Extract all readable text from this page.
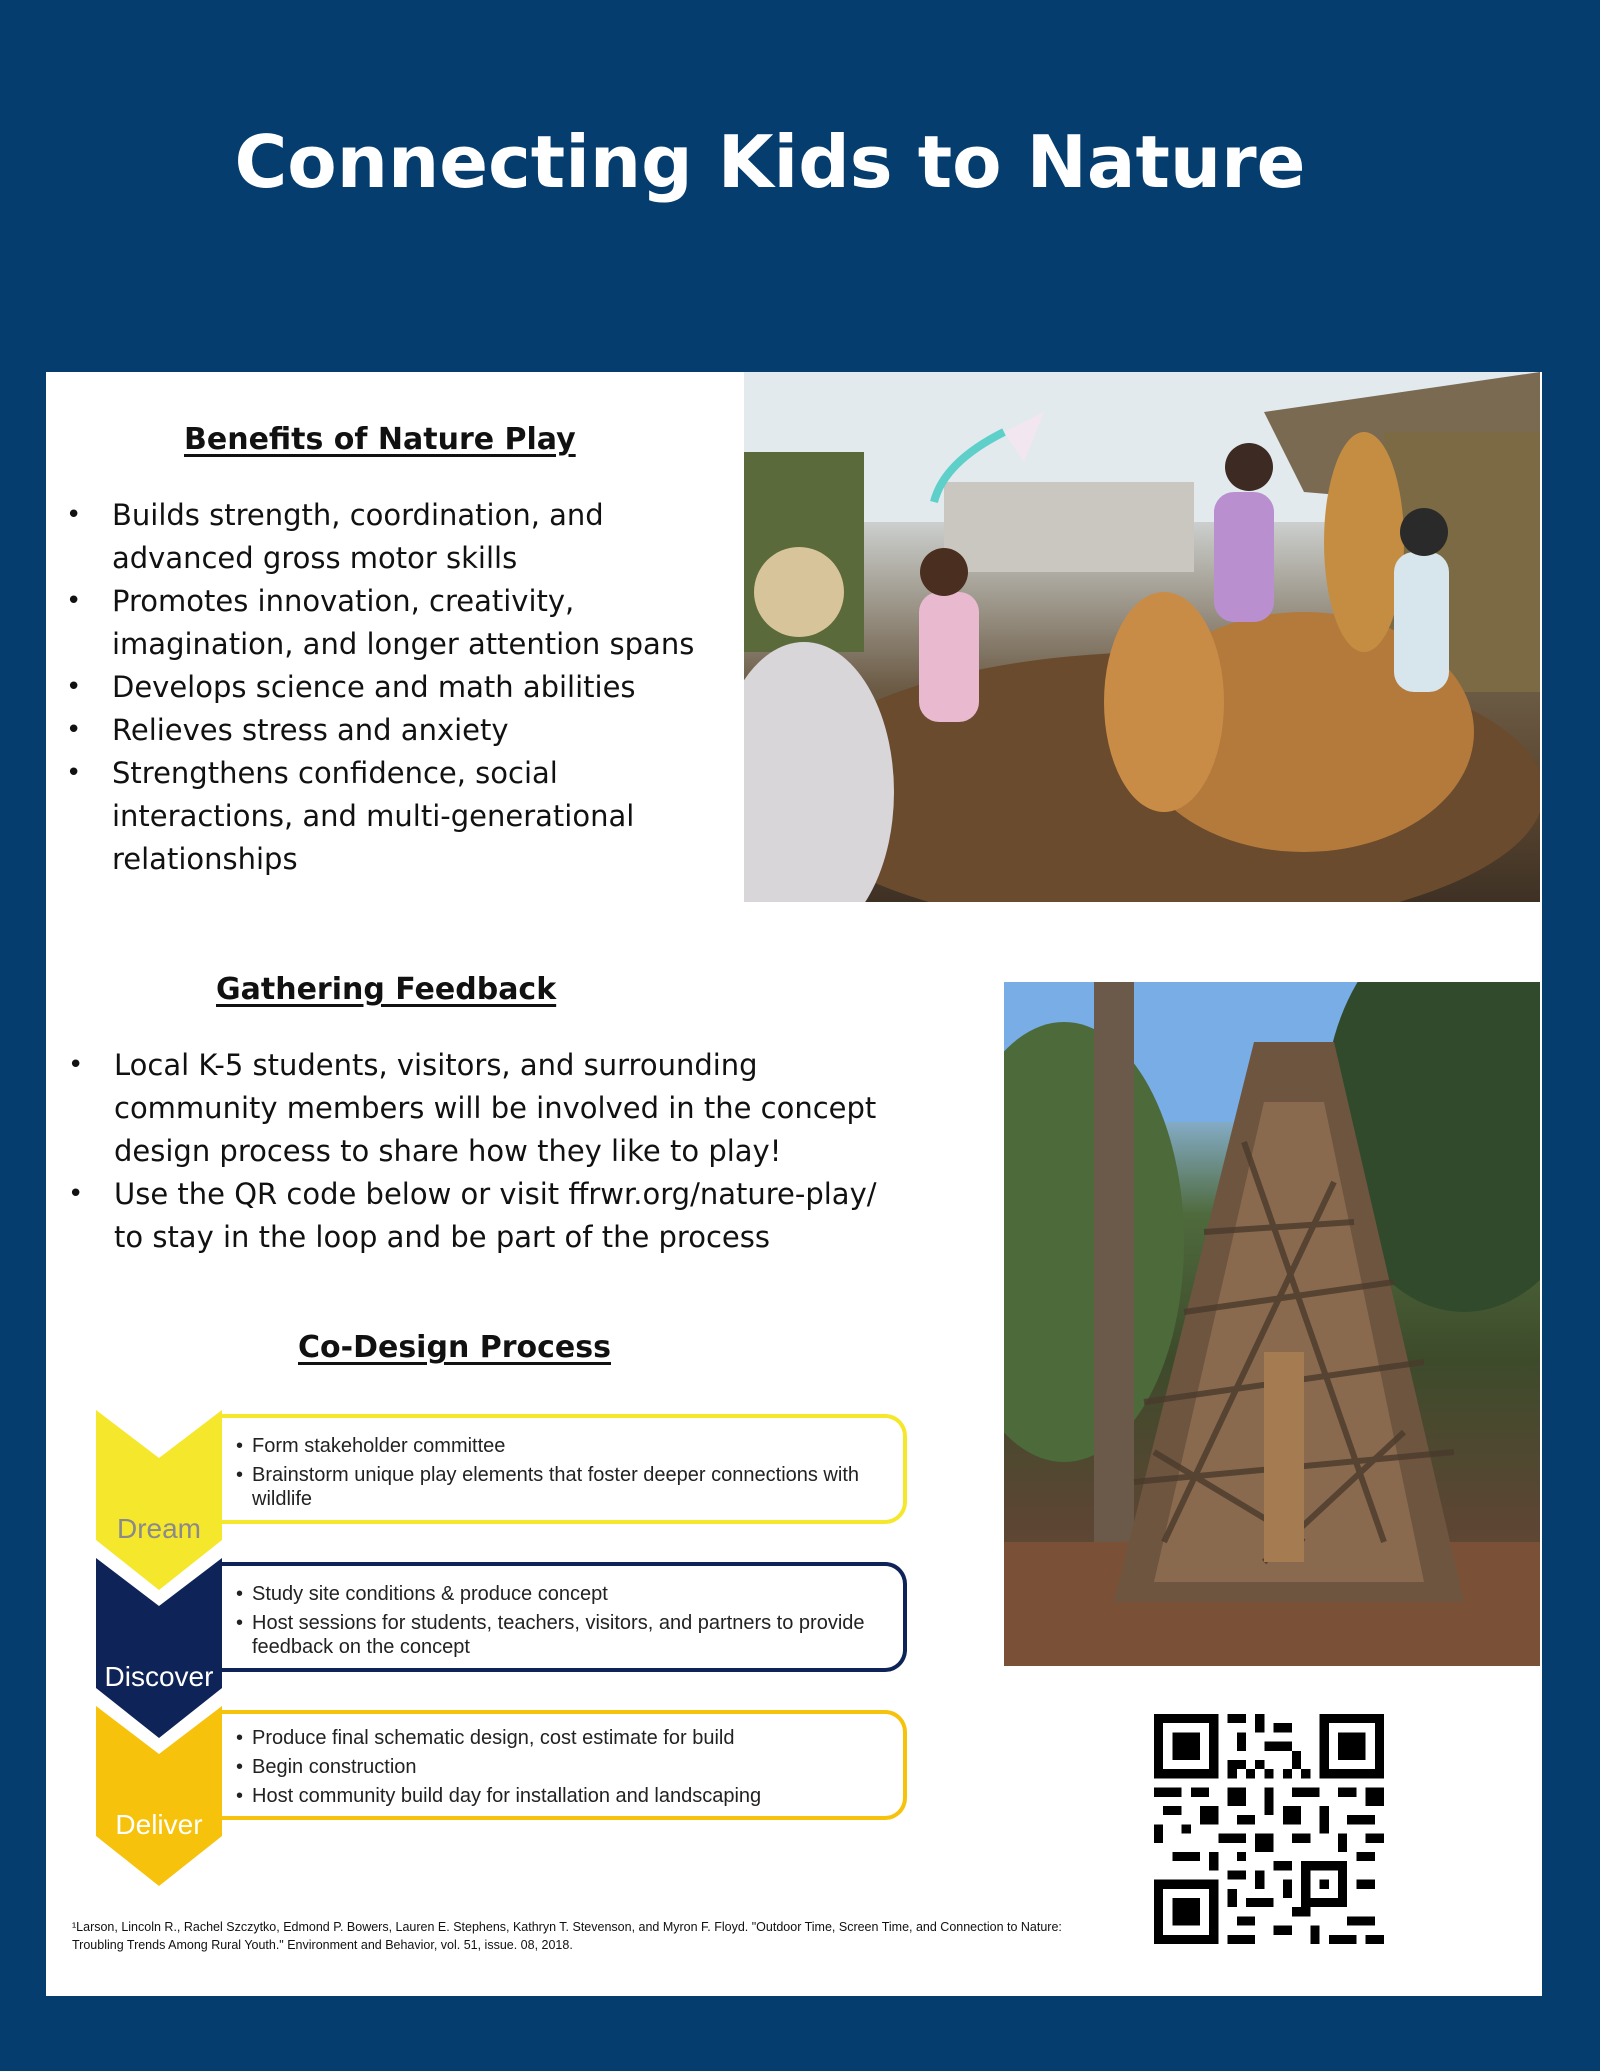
Connecting Kids to Nature
Benefits of Nature Play
• Builds strength, coordination, and advanced gross motor skills
• Promotes innovation, creativity, imagination, and longer attention spans
• Develops science and math abilities
• Relieves stress and anxiety
• Strengthens confidence, social interactions, and multi-generational relationships
Gathering Feedback
• Local K-5 students, visitors, and surrounding community members will be involved in the concept design process to share how they like to play!
• Use the QR code below or visit ffrwr.org/nature-play/ to stay in the loop and be part of the process
Co-Design Process
Dream
• Form stakeholder committee
• Brainstorm unique play elements that foster deeper connections with wildlife
Discover
• Study site conditions & produce concept
• Host sessions for students, teachers, visitors, and partners to provide feedback on the concept
Deliver
• Produce final schematic design, cost estimate for build
• Begin construction
• Host community build day for installation and landscaping
¹Larson, Lincoln R., Rachel Szczytko, Edmond P. Bowers, Lauren E. Stephens, Kathryn T. Stevenson, and Myron F. Floyd. "Outdoor Time, Screen Time, and Connection to Nature: Troubling Trends Among Rural Youth." Environment and Behavior, vol. 51, issue. 08, 2018.
